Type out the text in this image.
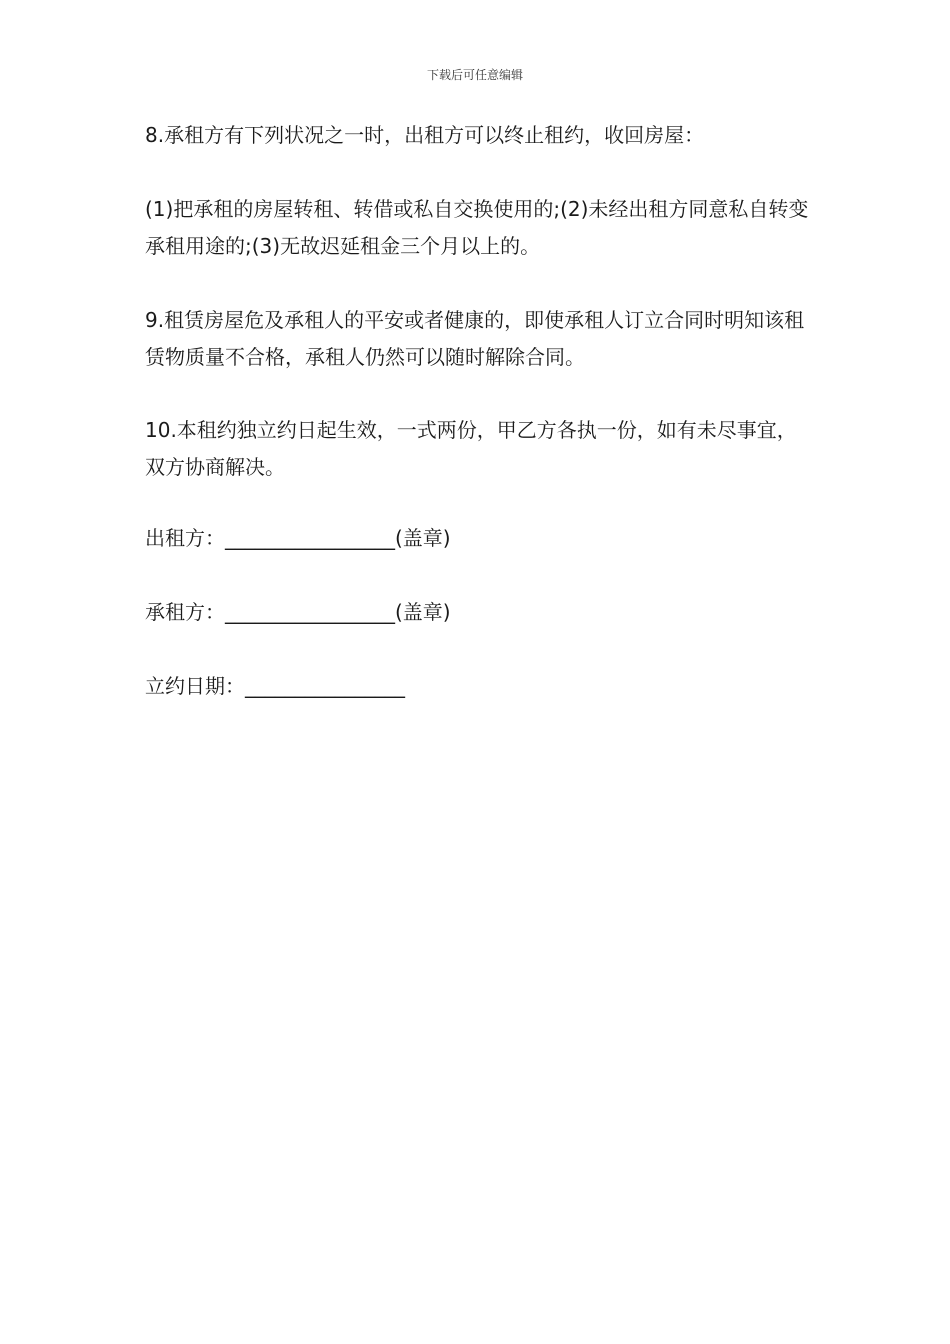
下载后可任意编辑

8.承租方有下列状况之一时，出租方可以终止租约，收回房屋：

(1)把承租的房屋转租、转借或私自交换使用的;(2)未经出租方同意私自转变承租用途的;(3)无故迟延租金三个月以上的。

9.租赁房屋危及承租人的平安或者健康的，即使承租人订立合同时明知该租赁物质量不合格，承租人仍然可以随时解除合同。

10.本租约独立约日起生效，一式两份，甲乙方各执一份，如有未尽事宜，双方协商解决。

出租方：_________________(盖章)

承租方：_________________(盖章)

立约日期：________________
